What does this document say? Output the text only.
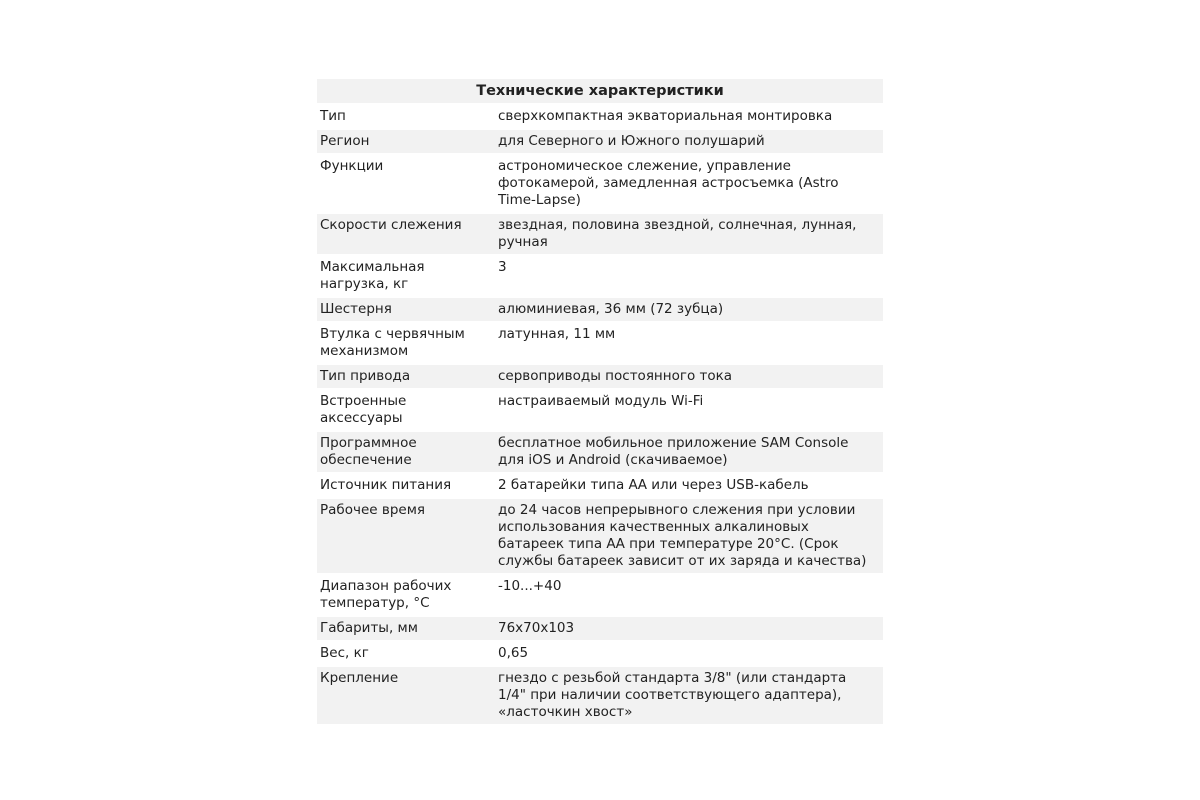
Технические характеристики	
Тип	сверхкомпактная экваториальная монтировка
Регион	для Северного и Южного полушарий
Функции	астрономическое слежение, управление фотокамерой, замедленная астросъемка (Astro Time-Lapse)
Скорости слежения	звездная, половина звездной, солнечная, лунная, ручная
Максимальная нагрузка, кг	3
Шестерня	алюминиевая, 36 мм (72 зубца)
Втулка с червячным механизмом	латунная, 11 мм
Тип привода	сервоприводы постоянного тока
Встроенные аксессуары	настраиваемый модуль Wi-Fi
Программное обеспечение	бесплатное мобильное приложение SAM Console для iOS и Android (скачиваемое)
Источник питания	2 батарейки типа АА или через USB-кабель
Рабочее время	до 24 часов непрерывного слежения при условии использования качественных алкалиновых батареек типа АА при температуре 20°C. (Срок службы батареек зависит от их заряда и качества)
Диапазон рабочих температур, °C	-10...+40
Габариты, мм	76x70x103
Вес, кг	0,65
Крепление	гнездо с резьбой стандарта 3/8" (или стандарта 1/4" при наличии соответствующего адаптера), «ласточкин хвост»
